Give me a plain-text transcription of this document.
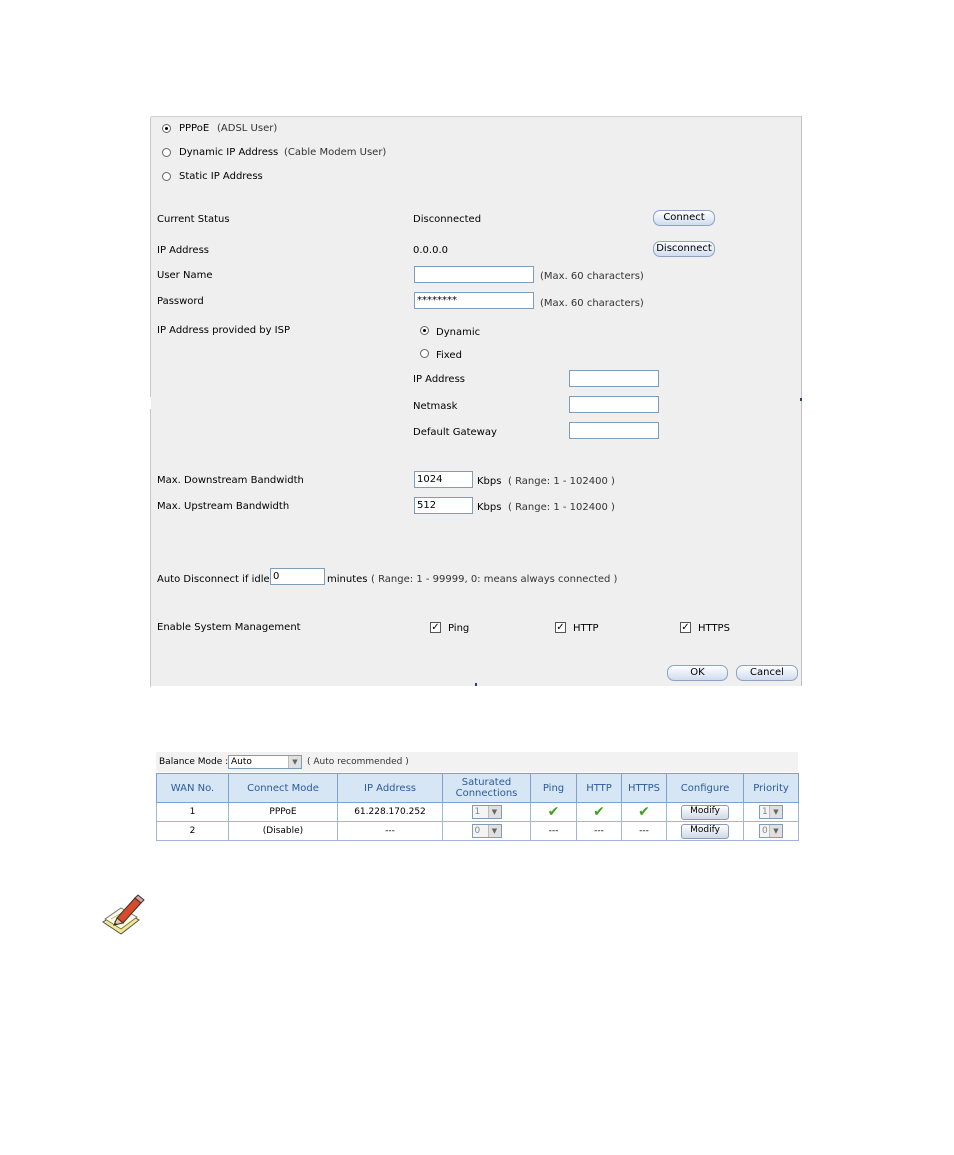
PPPoE (ADSL User)
Dynamic IP Address (Cable Modem User)
Static IP Address
Current Status	Disconnected	Connect
IP Address	0.0.0.0	Disconnect
User Name	(Max. 60 characters)
Password	********	(Max. 60 characters)
IP Address provided by ISP	Dynamic
Fixed
IP Address
Netmask
Default Gateway
Max. Downstream Bandwidth	1024	Kbps ( Range: 1 - 102400 )
Max. Upstream Bandwidth	512	Kbps ( Range: 1 - 102400 )
Auto Disconnect if idle 0	minutes ( Range: 1 - 99999, 0: means always connected )
Enable System Management	✓ Ping	✓ HTTP	✓ HTTPS
OK	Cancel
Balance Mode : Auto	▼	( Auto recommended )
WAN No.	Connect Mode	IP Address	Saturated Connections	Ping	HTTP	HTTPS	Configure	Priority
1	PPPoE	61.228.170.252	1 ▼	✔	✔	✔	Modify	1 ▼

2	(Disable)	---	0 ▼	---	---	---	Modify	0 ▼
